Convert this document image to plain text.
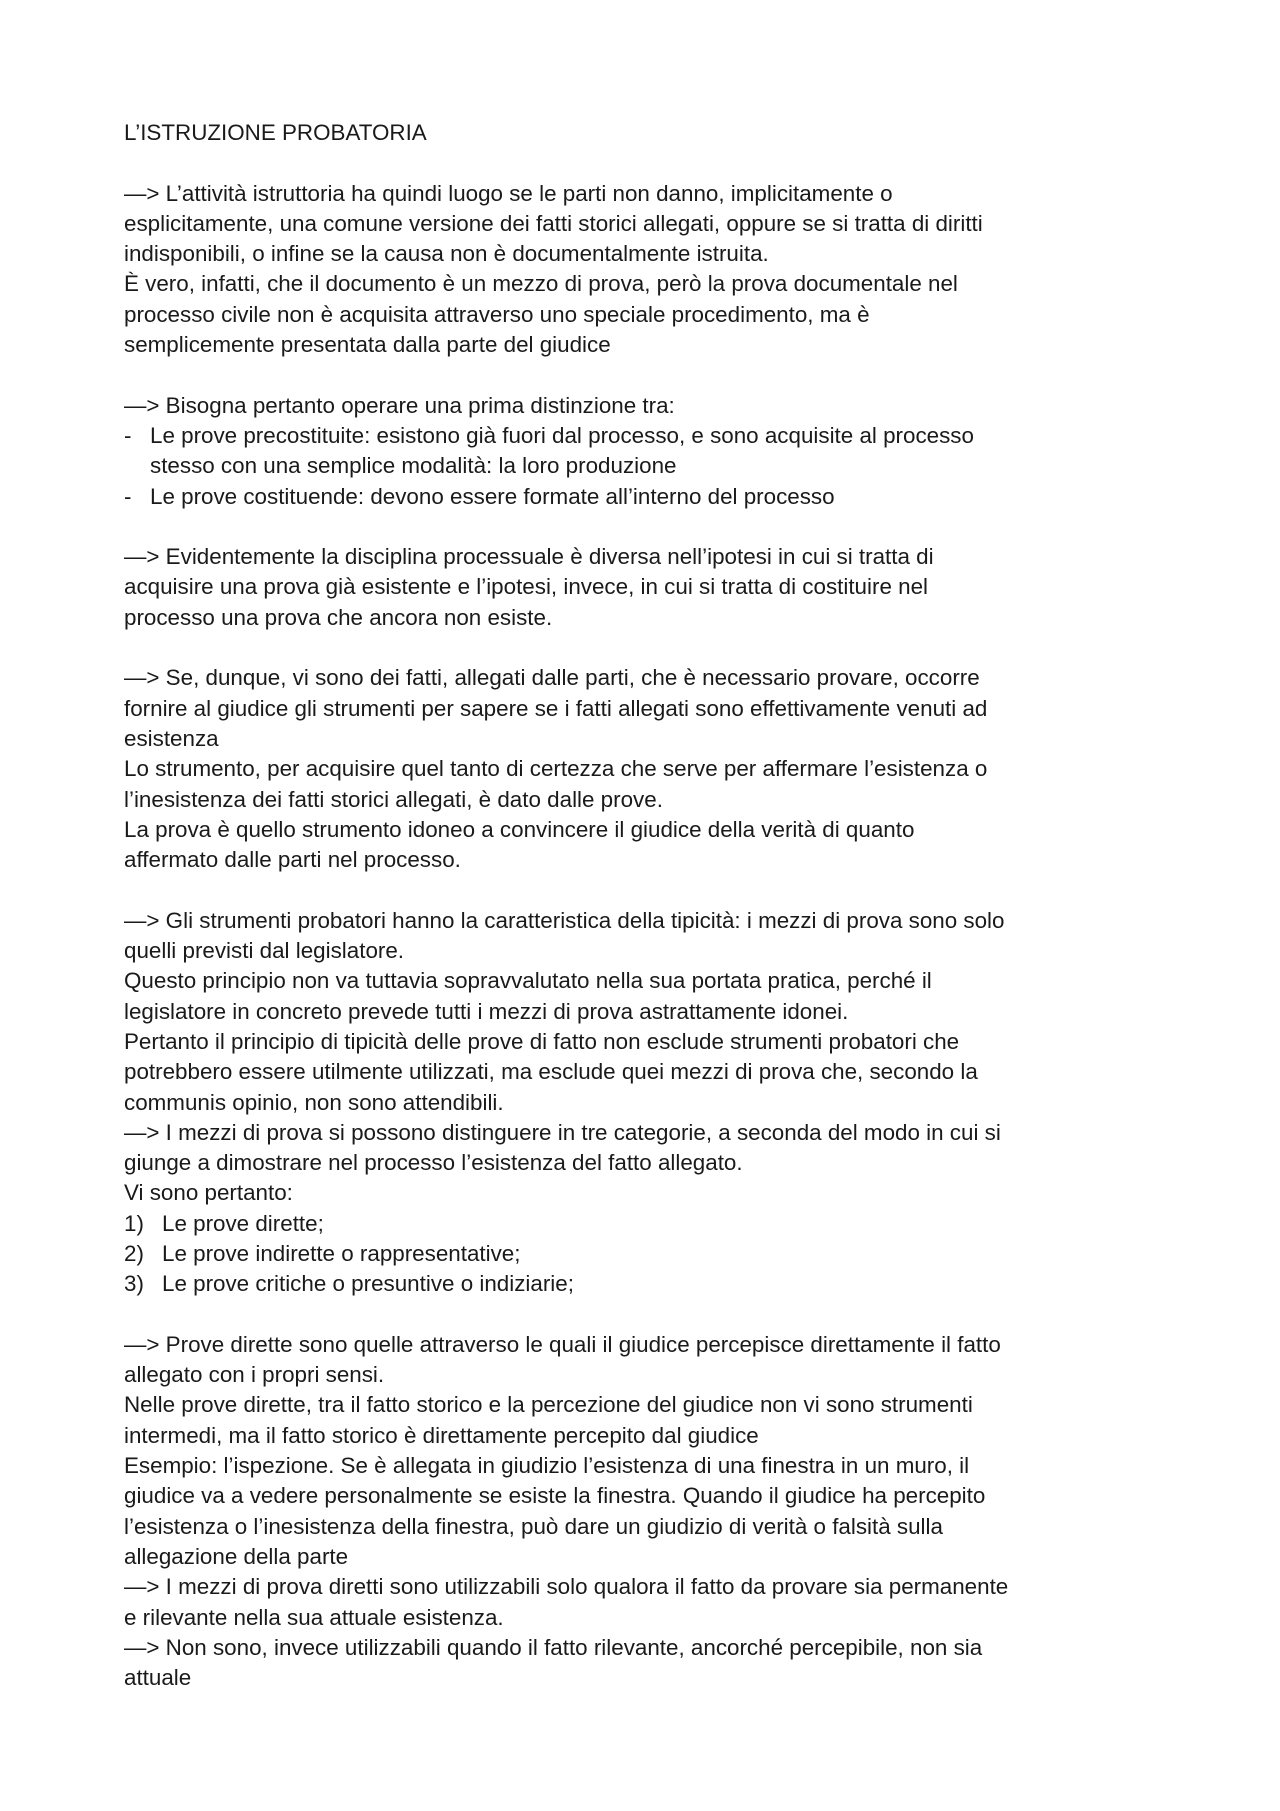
L’ISTRUZIONE PROBATORIA
—> L’attività istruttoria ha quindi luogo se le parti non danno, implicitamente o
esplicitamente, una comune versione dei fatti storici allegati, oppure se si tratta di diritti
indisponibili, o infine se la causa non è documentalmente istruita.
È vero, infatti, che il documento è un mezzo di prova, però la prova documentale nel
processo civile non è acquisita attraverso uno speciale procedimento, ma è
semplicemente presentata dalla parte del giudice
—> Bisogna pertanto operare una prima distinzione tra:
- Le prove precostituite: esistono già fuori dal processo, e sono acquisite al processo
stesso con una semplice modalità: la loro produzione
- Le prove costituende: devono essere formate all’interno del processo
—> Evidentemente la disciplina processuale è diversa nell’ipotesi in cui si tratta di
acquisire una prova già esistente e l’ipotesi, invece, in cui si tratta di costituire nel
processo una prova che ancora non esiste.
—> Se, dunque, vi sono dei fatti, allegati dalle parti, che è necessario provare, occorre
fornire al giudice gli strumenti per sapere se i fatti allegati sono effettivamente venuti ad
esistenza
Lo strumento, per acquisire quel tanto di certezza che serve per affermare l’esistenza o
l’inesistenza dei fatti storici allegati, è dato dalle prove.
La prova è quello strumento idoneo a convincere il giudice della verità di quanto
affermato dalle parti nel processo.
—> Gli strumenti probatori hanno la caratteristica della tipicità: i mezzi di prova sono solo
quelli previsti dal legislatore.
Questo principio non va tuttavia sopravvalutato nella sua portata pratica, perché il
legislatore in concreto prevede tutti i mezzi di prova astrattamente idonei.
Pertanto il principio di tipicità delle prove di fatto non esclude strumenti probatori che
potrebbero essere utilmente utilizzati, ma esclude quei mezzi di prova che, secondo la
communis opinio, non sono attendibili.
—> I mezzi di prova si possono distinguere in tre categorie, a seconda del modo in cui si
giunge a dimostrare nel processo l’esistenza del fatto allegato.
Vi sono pertanto:
1) Le prove dirette;
2) Le prove indirette o rappresentative;
3) Le prove critiche o presuntive o indiziarie;
—> Prove dirette sono quelle attraverso le quali il giudice percepisce direttamente il fatto
allegato con i propri sensi.
Nelle prove dirette, tra il fatto storico e la percezione del giudice non vi sono strumenti
intermedi, ma il fatto storico è direttamente percepito dal giudice
Esempio: l’ispezione. Se è allegata in giudizio l’esistenza di una finestra in un muro, il
giudice va a vedere personalmente se esiste la finestra. Quando il giudice ha percepito
l’esistenza o l’inesistenza della finestra, può dare un giudizio di verità o falsità sulla
allegazione della parte
—> I mezzi di prova diretti sono utilizzabili solo qualora il fatto da provare sia permanente
e rilevante nella sua attuale esistenza.
—> Non sono, invece utilizzabili quando il fatto rilevante, ancorché percepibile, non sia
attuale
